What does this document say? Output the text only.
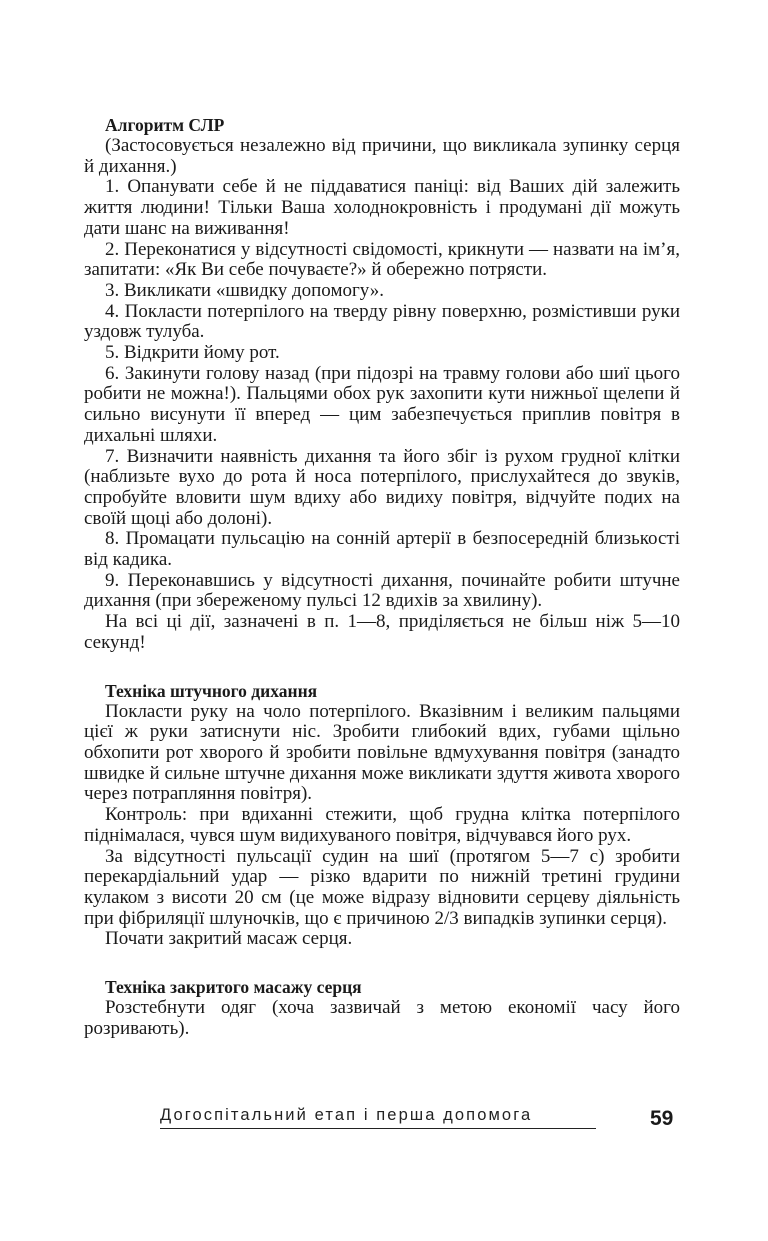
Алгоритм СЛР

(Застосовується незалежно від причини, що викликала зупинку серця й дихання.)

1. Опанувати себе й не піддаватися паніці: від Ваших дій залежить життя людини! Тільки Ваша холоднокровність і продумані дії можуть дати шанс на виживання!

2. Переконатися у відсутності свідомості, крикнути — назвати на ім’я, запитати: «Як Ви себе почуваєте?» й обережно потрясти.

3. Викликати «швидку допомогу».

4. Покласти потерпілого на тверду рівну поверхню, розмістивши руки уздовж тулуба.

5. Відкрити йому рот.

6. Закинути голову назад (при підозрі на травму голови або шиї цього робити не можна!). Пальцями обох рук захопити кути нижньої щелепи й сильно висунути її вперед — цим забезпечується приплив повітря в дихальні шляхи.

7. Визначити наявність дихання та його збіг із рухом грудної клітки (наблизьте вухо до рота й носа потерпілого, прислухайтеся до звуків, спробуйте вловити шум вдиху або видиху повітря, відчуйте подих на своїй щоці або долоні).

8. Промацати пульсацію на сонній артерії в безпосередній близькості від кадика.

9. Переконавшись у відсутності дихання, починайте робити штучне дихання (при збереженому пульсі 12 вдихів за хвилину).

На всі ці дії, зазначені в п. 1—8, приділяється не більш ніж 5—10 секунд!

Техніка штучного дихання

Покласти руку на чоло потерпілого. Вказівним і великим пальцями цієї ж руки затиснути ніс. Зробити глибокий вдих, губами щільно обхопити рот хворого й зробити повільне вдмухування повітря (занадто швидке й сильне штучне дихання може викликати здуття живота хворого через потрапляння повітря).

Контроль: при вдиханні стежити, щоб грудна клітка потерпілого піднімалася, чувся шум видихуваного повітря, відчувався його рух.

За відсутності пульсації судин на шиї (протягом 5—7 с) зробити перекардіальний удар — різко вдарити по нижній третині грудини кулаком з висоти 20 см (це може відразу відновити серцеву діяльність при фібриляції шлуночків, що є причиною 2/3 випадків зупинки серця).

Почати закритий масаж серця.

Техніка закритого масажу серця

Розстебнути одяг (хоча зазвичай з метою економії часу його розривають).

Догоспітальний етап і перша допомога	59
